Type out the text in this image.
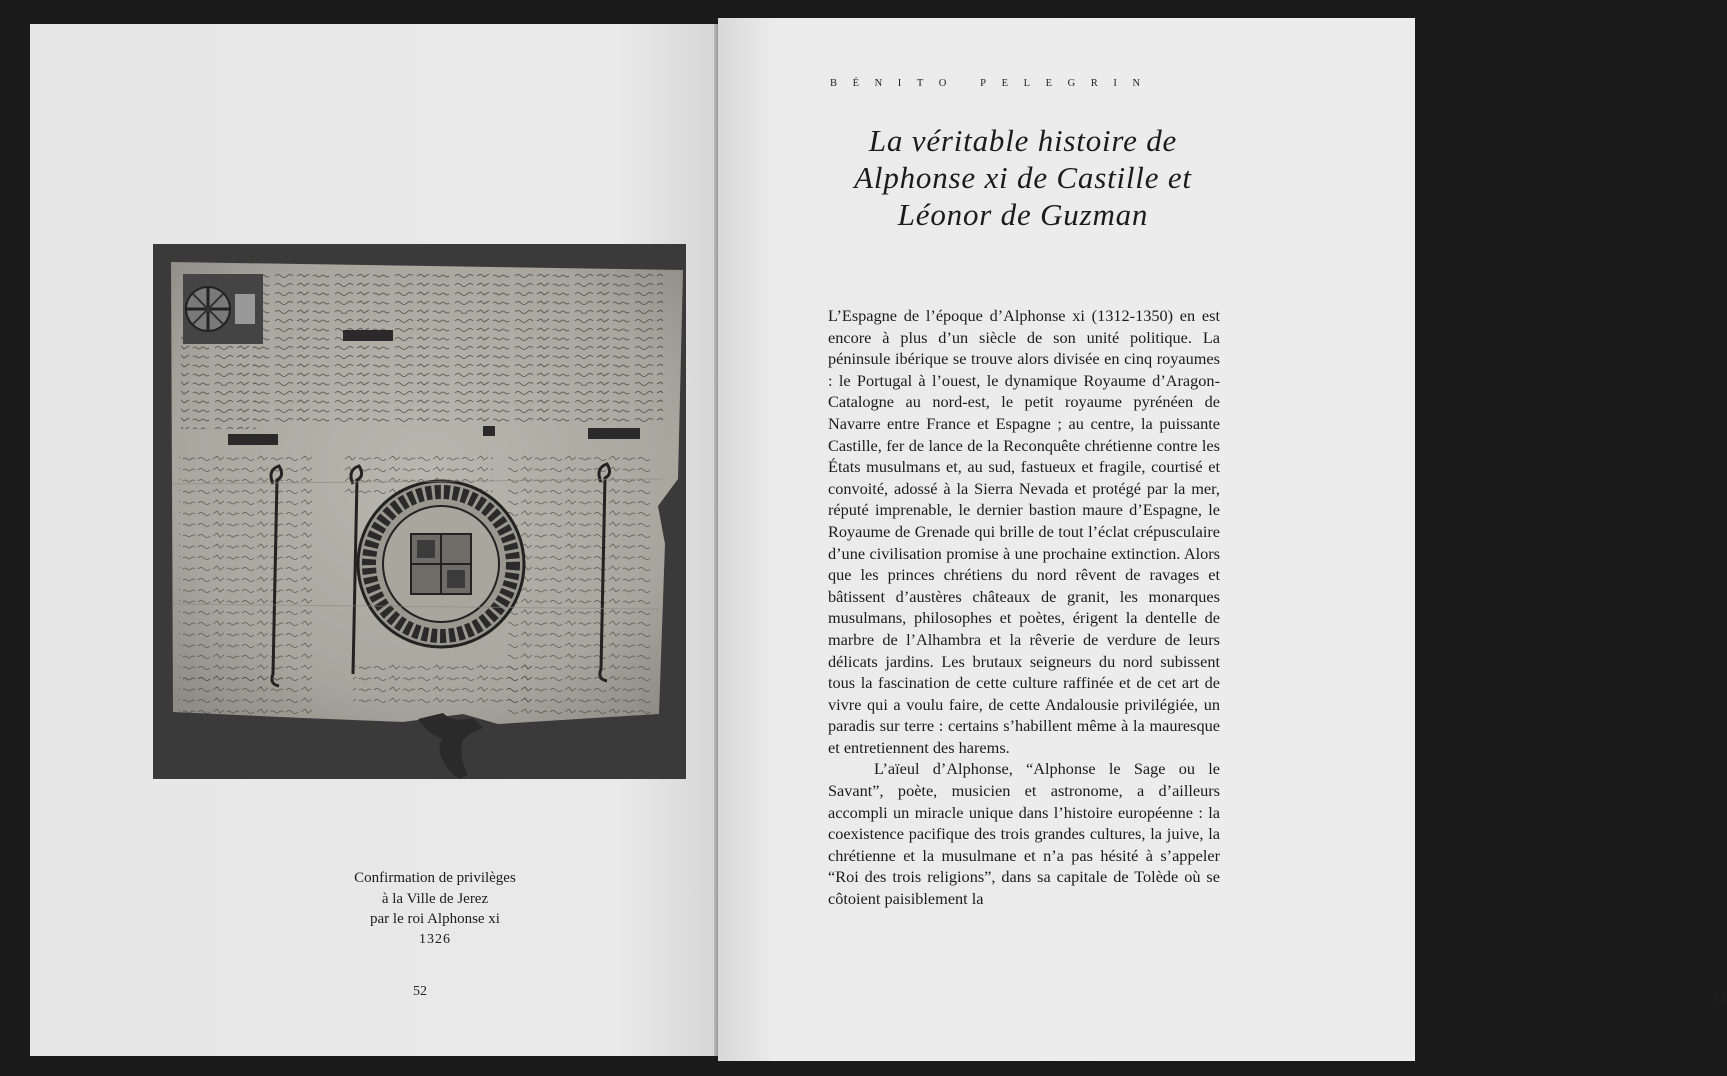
Confirmation de privilèges
à la Ville de Jerez
par le roi Alphonse xi
1326
52
BÉNITO PELEGRIN
La véritable histoire de
Alphonse xi de Castille et
Léonor de Guzman

L’Espagne de l’époque d’Alphonse xi (1312-1350) en est encore à plus d’un siècle de son unité politique. La péninsule ibérique se trouve alors divisée en cinq royaumes : le Portugal à l’ouest, le dynamique Royaume d’Aragon-Catalogne au nord-est, le petit royaume pyrénéen de Navarre entre France et Espagne ; au centre, la puissante Castille, fer de lance de la Reconquête chrétienne contre les États musulmans et, au sud, fastueux et fragile, courtisé et convoité, adossé à la Sierra Nevada et protégé par la mer, réputé imprenable, le dernier bastion maure d’Espagne, le Royaume de Grenade qui brille de tout l’éclat crépusculaire d’une civilisation promise à une prochaine extinction. Alors que les princes chrétiens du nord rêvent de ravages et bâtissent d’austères châteaux de granit, les monarques musulmans, philosophes et poètes, érigent la dentelle de marbre de l’Alhambra et la rêverie de verdure de leurs délicats jardins. Les brutaux seigneurs du nord subissent tous la fascination de cette culture raffinée et de cet art de vivre qui a voulu faire, de cette Andalousie privilégiée, un paradis sur terre : certains s’habillent même à la mauresque et entretiennent des harems.

L’aïeul d’Alphonse, “Alphonse le Sage ou le Savant”, poète, musicien et astronome, a d’ailleurs accompli un miracle unique dans l’histoire européenne : la coexistence pacifique des trois grandes cultures, la juive, la chrétienne et la musulmane et n’a pas hésité à s’appeler “Roi des trois religions”, dans sa capitale de Tolède où se côtoient paisiblement la

53
